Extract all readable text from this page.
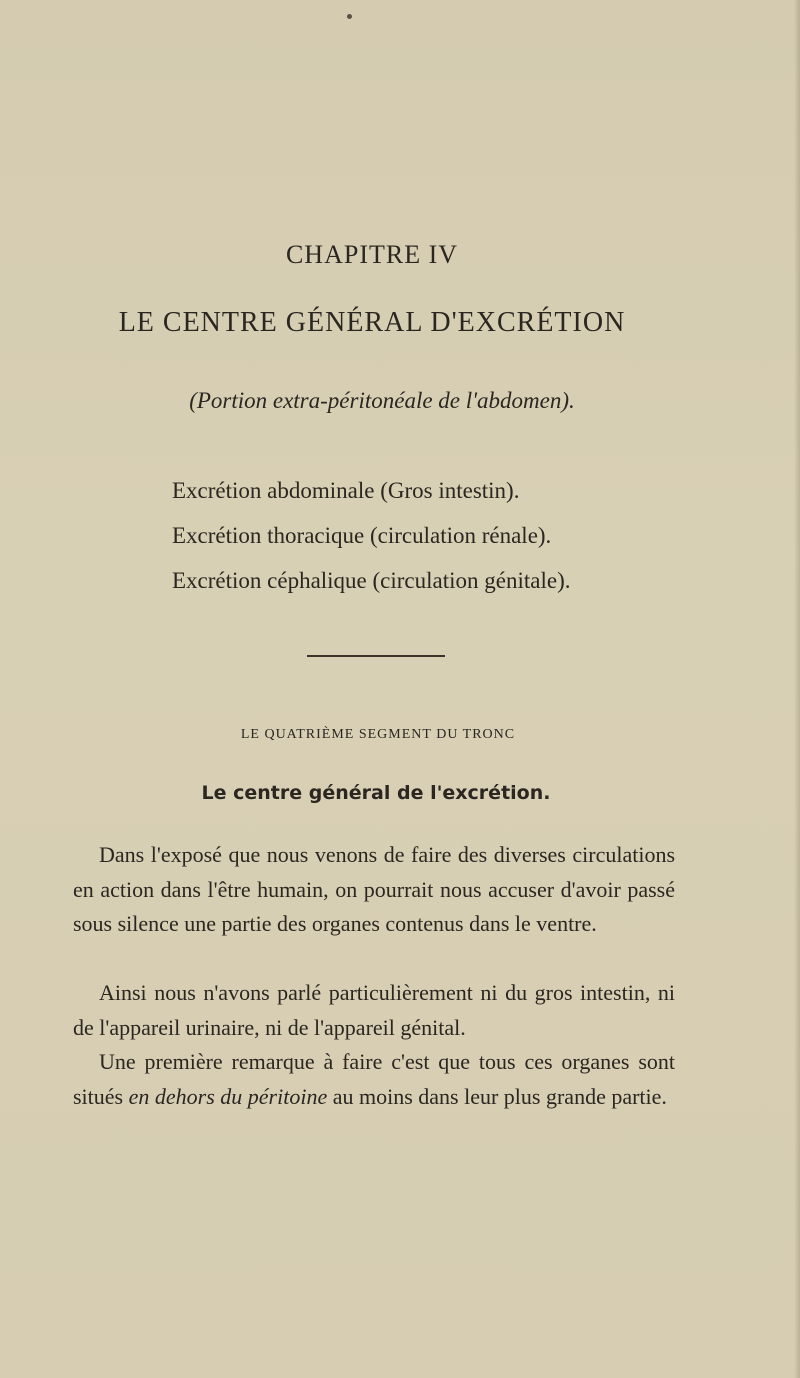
CHAPITRE IV
LE CENTRE GÉNÉRAL D'EXCRÉTION
(Portion extra-péritonéale de l'abdomen).
Excrétion abdominale (Gros intestin).
Excrétion thoracique (circulation rénale).
Excrétion céphalique (circulation génitale).
LE QUATRIÈME SEGMENT DU TRONC
Le centre général de l'excrétion.

Dans l'exposé que nous venons de faire des diverses circulations en action dans l'être humain, on pourrait nous accuser d'avoir passé sous silence une partie des organes contenus dans le ventre.

Ainsi nous n'avons parlé particulièrement ni du gros intestin, ni de l'appareil urinaire, ni de l'appareil génital.

Une première remarque à faire c'est que tous ces organes sont situés en dehors du péritoine au moins dans leur plus grande partie.
